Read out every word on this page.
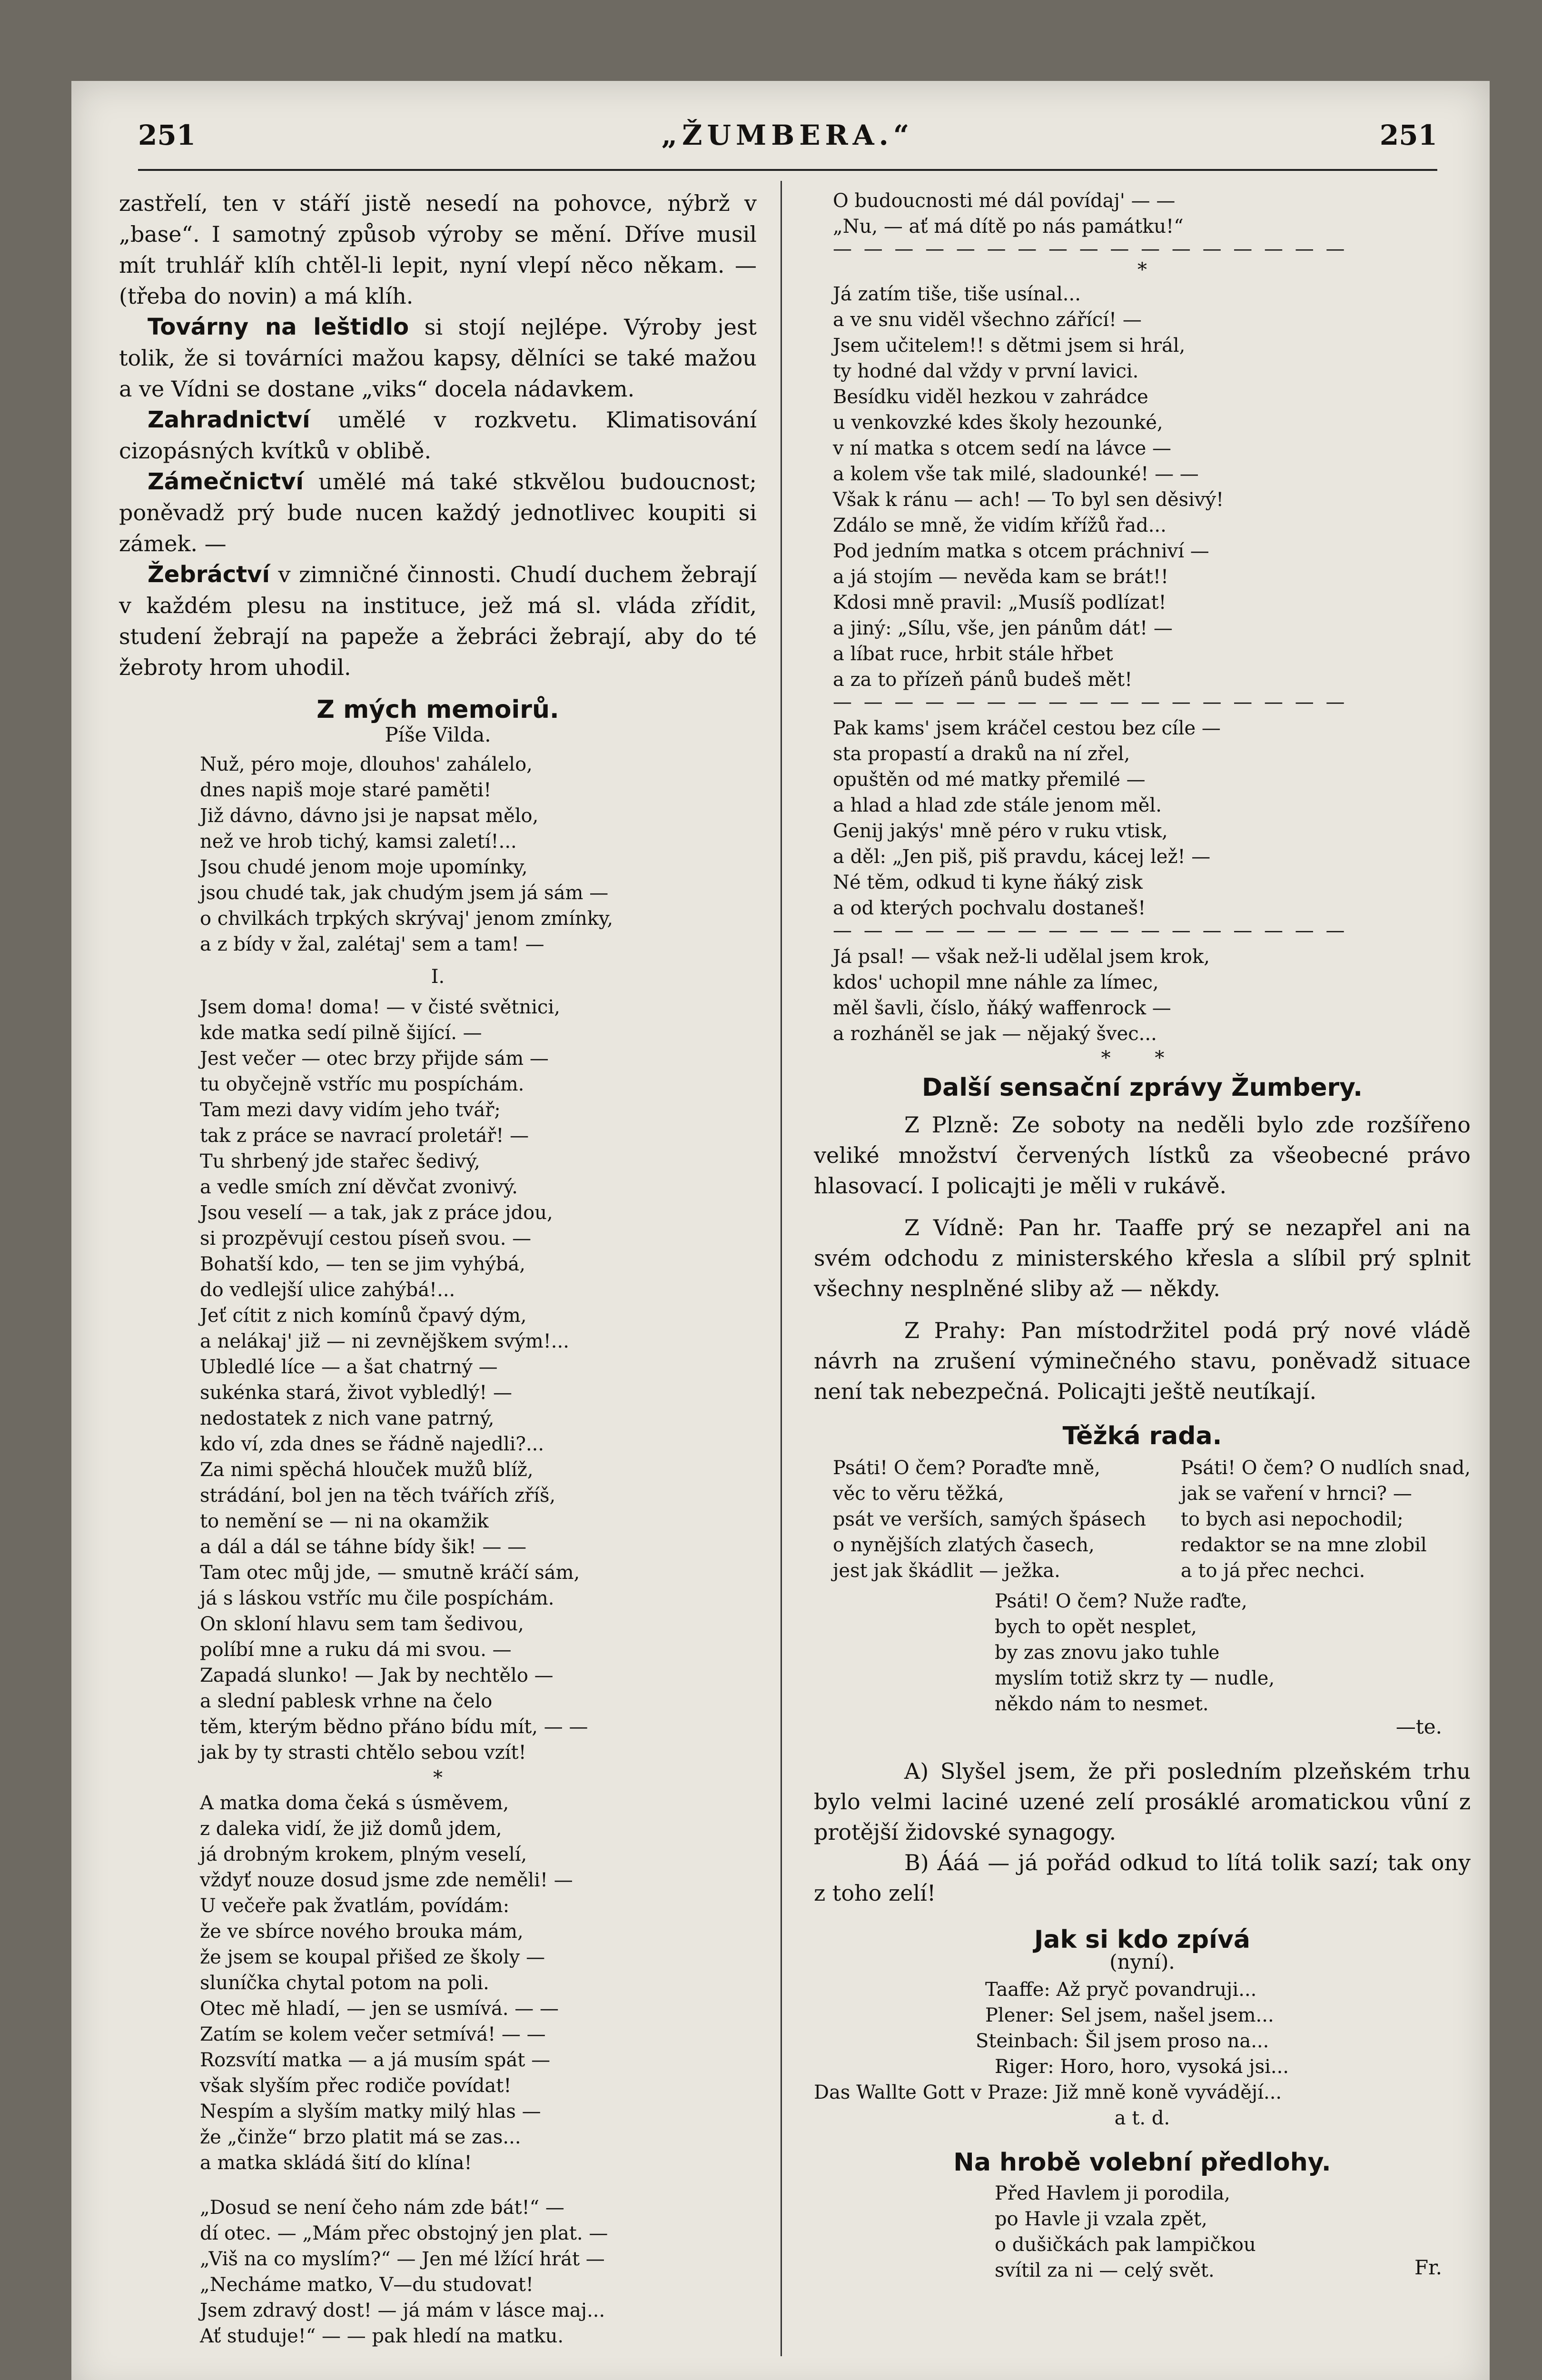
251	„ŽUMBERA.“	251

zastřelí, ten v stáří jistě nesedí na pohovce, nýbrž v „base“. I samotný způsob výroby se mění. Dříve musil mít truhlář klíh chtěl-li lepit, nyní vlepí něco někam. — (třeba do novin) a má klíh.

Továrny na leštidlo si stojí nejlépe. Výroby jest tolik, že si továrníci mažou kapsy, dělníci se také mažou a ve Vídni se dostane „viks“ docela nádavkem.

Zahradnictví umělé v rozkvetu. Klimatisování cizopásných kvítků v oblibě.

Zámečnictví umělé má také stkvělou budoucnost; poněvadž prý bude nucen každý jednotlivec koupiti si zámek. —

Žebráctví v zimničné činnosti. Chudí duchem žebrají v každém plesu na instituce, jež má sl. vláda zřídit, studení žebrají na papeže a žebráci žebrají, aby do té žebroty hrom uhodil.

Z mých memoirů.
Píše Vilda.
Nuž, péro moje, dlouhos' zahálelo,
dnes napiš moje staré paměti!
Již dávno, dávno jsi je napsat mělo,
než ve hrob tichý, kamsi zaletí!...
Jsou chudé jenom moje upomínky,
jsou chudé tak, jak chudým jsem já sám —
o chvilkách trpkých skrývaj' jenom zmínky,
a z bídy v žal, zalétaj' sem a tam! —
I.
Jsem doma! doma! — v čisté světnici,
kde matka sedí pilně šijící. —
Jest večer — otec brzy přijde sám —
tu obyčejně vstříc mu pospíchám.
Tam mezi davy vidím jeho tvář;
tak z práce se navrací proletář! —
Tu shrbený jde stařec šedivý,
a vedle smích zní děvčat zvonivý.
Jsou veselí — a tak, jak z práce jdou,
si prozpěvují cestou píseň svou. —
Bohatší kdo, — ten se jim vyhýbá,
do vedlejší ulice zahýbá!...
Jeť cítit z nich komínů čpavý dým,
a nelákaj' již — ni zevnějškem svým!...
Ubledlé líce — a šat chatrný —
sukénka stará, život vybledlý! —
nedostatek z nich vane patrný,
kdo ví, zda dnes se řádně najedli?...
Za nimi spěchá hlouček mužů blíž,
strádání, bol jen na těch tvářích zříš,
to nemění se — ni na okamžik
a dál a dál se táhne bídy šik! — —
Tam otec můj jde, — smutně kráčí sám,
já s láskou vstříc mu čile pospíchám.
On skloní hlavu sem tam šedivou,
políbí mne a ruku dá mi svou. —
Zapadá slunko! — Jak by nechtělo —
a slední pablesk vrhne na čelo
těm, kterým bědno přáno bídu mít, — —
jak by ty strasti chtělo sebou vzít!
*
A matka doma čeká s úsměvem,
z daleka vidí, že již domů jdem,
já drobným krokem, plným veselí,
vždyť nouze dosud jsme zde neměli! —
U večeře pak žvatlám, povídám:
že ve sbírce nového brouka mám,
že jsem se koupal přišed ze školy —
sluníčka chytal potom na poli.
Otec mě hladí, — jen se usmívá. — —
Zatím se kolem večer setmívá! — —
Rozsvítí matka — a já musím spát —
však slyším přec rodiče povídat!
Nespím a slyším matky milý hlas —
že „činže“ brzo platit má se zas...
a matka skládá šití do klína!
„Dosud se není čeho nám zde bát!“ —
dí otec. — „Mám přec obstojný jen plat. —
„Viš na co myslím?“ — Jen mé lžící hrát —
„Necháme matko, V—du studovat!
Jsem zdravý dost! — já mám v lásce maj...
Ať studuje!“ — — pak hledí na matku.
O budoucnosti mé dál povídaj' — —
„Nu, — ať má dítě po nás památku!“
— — — — — — — — — — — — — — — — —
*
Já zatím tiše, tiše usínal...
a ve snu viděl všechno zářící! —
Jsem učitelem!! s dětmi jsem si hrál,
ty hodné dal vždy v první lavici.
Besídku viděl hezkou v zahrádce
u venkovzké kdes školy hezounké,
v ní matka s otcem sedí na lávce —
a kolem vše tak milé, sladounké! — —
Však k ránu — ach! — To byl sen děsivý!
Zdálo se mně, že vidím křížů řad...
Pod jedním matka s otcem práchniví —
a já stojím — nevěda kam se brát!!
Kdosi mně pravil: „Musíš podlízat!
a jiný: „Sílu, vše, jen pánům dát! —
a líbat ruce, hrbit stále hřbet
a za to přízeň pánů budeš mět!
— — — — — — — — — — — — — — — — —
Pak kams' jsem kráčel cestou bez cíle —
sta propastí a draků na ní zřel,
opuštěn od mé matky přemilé —
a hlad a hlad zde stále jenom měl.
Genij jakýs' mně péro v ruku vtisk,
a děl: „Jen piš, piš pravdu, kácej lež! —
Né těm, odkud ti kyne ňáký zisk
a od kterých pochvalu dostaneš!
— — — — — — — — — — — — — — — — —
Já psal! — však než-li udělal jsem krok,
kdos' uchopil mne náhle za límec,
měl šavli, číslo, ňáký waffenrock —
a rozháněl se jak — nějaký švec...
* *
Další sensační zprávy Žumbery.

Z Plzně: Ze soboty na neděli bylo zde rozšířeno veliké množství červených lístků za všeobecné právo hlasovací. I policajti je měli v rukávě.

Z Vídně: Pan hr. Taaffe prý se nezapřel ani na svém odchodu z ministerského křesla a slíbil prý splnit všechny nesplněné sliby až — někdy.

Z Prahy: Pan místodržitel podá prý nové vládě návrh na zrušení výminečného stavu, poněvadž situace není tak nebezpečná. Policajti ještě neutíkají.

Těžká rada.
Psáti! O čem? Poraďte mně,
věc to věru těžká,
psát ve verších, samých špásech
o nynějších zlatých časech,
jest jak škádlit — ježka.
Psáti! O čem? O nudlích snad,
jak se vaření v hrnci? —
to bych asi nepochodil;
redaktor se na mne zlobil
a to já přec nechci.
Psáti! O čem? Nuže raďte,
bych to opět nesplet,
by zas znovu jako tuhle
myslím totiž skrz ty — nudle,
někdo nám to nesmet.
—te.

A) Slyšel jsem, že při posledním plzeňském trhu bylo velmi laciné uzené zelí prosáklé aromatickou vůní z protější židovské synagogy.

B) Ááá — já pořád odkud to lítá tolik sazí; tak ony z toho zelí!

Jak si kdo zpívá
(nyní).
Taaffe: Až pryč povandruji...
Plener: Sel jsem, našel jsem...
Steinbach: Šil jsem proso na...
Riger: Horo, horo, vysoká jsi...
Das Wallte Gott v Praze: Již mně koně vyvádějí...
a t. d.
Na hrobě volební předlohy.
Před Havlem ji porodila,
po Havle ji vzala zpět,
o dušičkách pak lampičkou
svítil za ni — celý svět.	Fr.
